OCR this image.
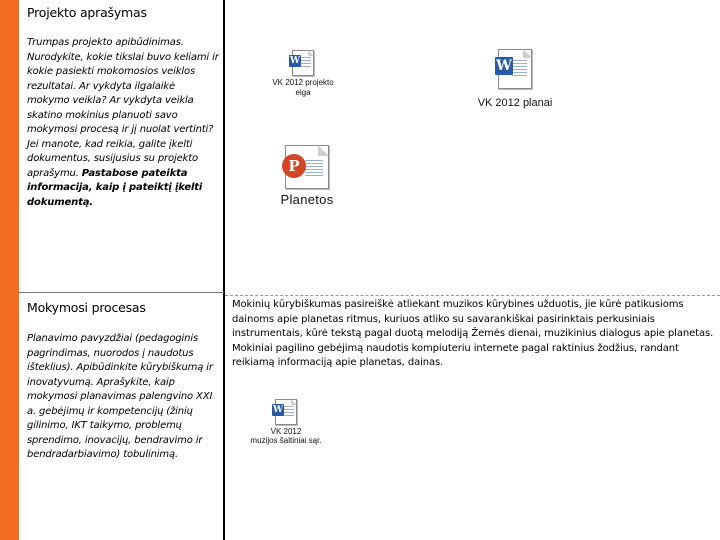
Projekto aprašymas
Trumpas projekto apibūdinimas. Nurodykite, kokie tikslai buvo keliami ir kokie pasiekti mokomosios veiklos rezultatai. Ar vykdyta ilgalaikė mokymo veikla? Ar vykdyta veikla skatino mokinius planuoti savo mokymosi procesą ir jį nuolat vertinti? Jei manote, kad reikia, galite įkelti dokumentus, susijusius su projekto aprašymu. Pastabose pateikta informacija, kaip į pateiktį įkelti dokumentą.
Mokymosi procesas
Planavimo pavyzdžiai (pedagoginis pagrindimas, nuorodos į naudotus išteklius). Apibūdinkite kūrybiškumą ir inovatyvumą. Aprašykite, kaip mokymosi planavimas palengvino XXI a. gebėjimų ir kompetencijų (žinių gilinimo, IKT taikymo, problemų sprendimo, inovacijų, bendravimo ir bendradarbiavimo) tobulinimą.
Mokinių kūrybiškumas pasireiškė atliekant muzikos kūrybines užduotis, jie kūrė patikusioms dainoms apie planetas ritmus, kuriuos atliko su savarankiškai pasirinktais perkusiniais instrumentais, kūrė tekstą pagal duotą melodiją Žemės dienai, muzikinius dialogus apie planetas. Mokiniai pagilino gebėjimą naudotis kompiuteriu internete pagal raktinius žodžius, randant reikiamą informaciją apie planetas, dainas.
W
VK 2012 projekto
eiga
W
VK 2012 planai
P
Planetos
W
VK 2012
muzijos šaltiniai sąr.
